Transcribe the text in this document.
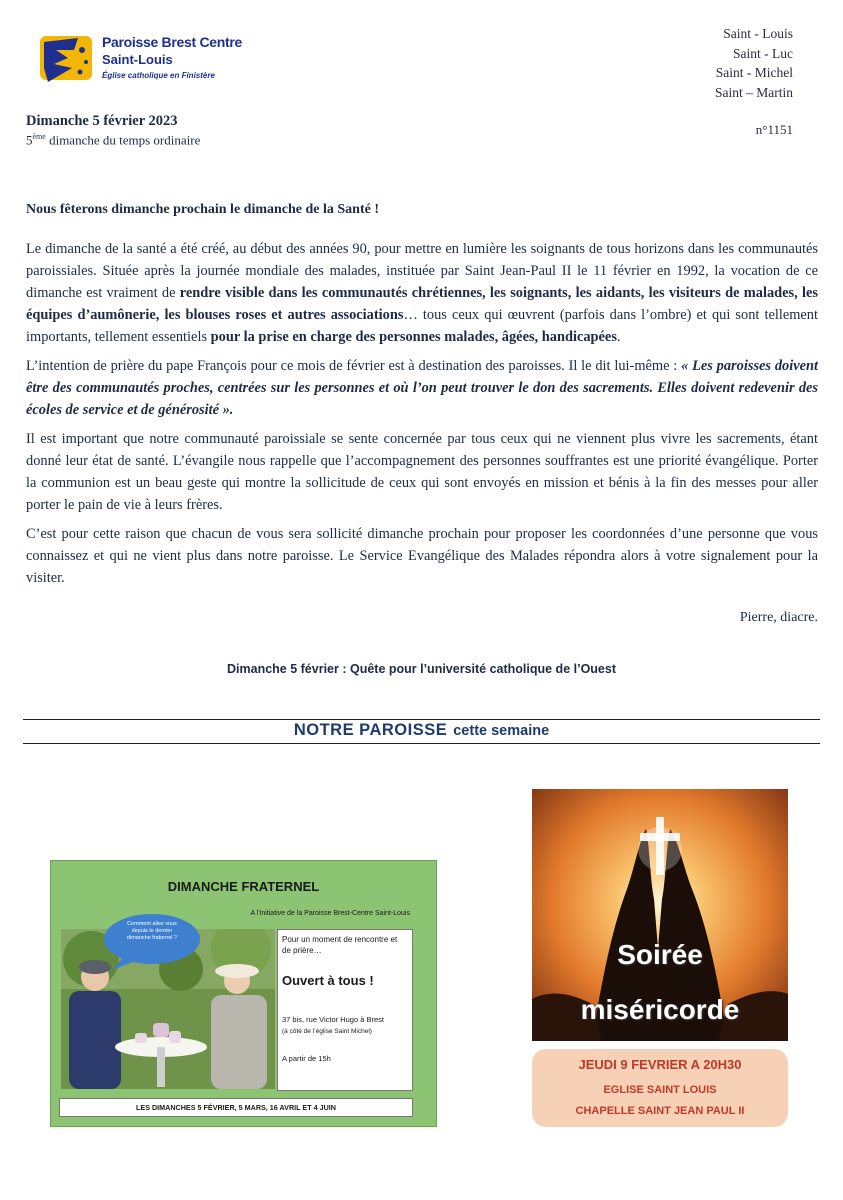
Paroisse Brest Centre
Saint-Louis
Église catholique en Finistère
Saint - Louis
Saint - Luc
Saint - Michel
Saint – Martin
Dimanche 5 février 2023
5ème dimanche du temps ordinaire
n°1151
Nous fêterons dimanche prochain le dimanche de la Santé !

Le dimanche de la santé a été créé, au début des années 90, pour mettre en lumière les soignants de tous horizons dans les communautés paroissiales. Située après la journée mondiale des malades, instituée par Saint Jean-Paul II le 11 février en 1992, la vocation de ce dimanche est vraiment de rendre visible dans les communautés chrétiennes, les soignants, les aidants, les visiteurs de malades, les équipes d’aumônerie, les blouses roses et autres associations… tous ceux qui œuvrent (parfois dans l’ombre) et qui sont tellement importants, tellement essentiels pour la prise en charge des personnes malades, âgées, handicapées.

L’intention de prière du pape François pour ce mois de février est à destination des paroisses. Il le dit lui-même : « Les paroisses doivent être des communautés proches, centrées sur les personnes et où l’on peut trouver le don des sacrements. Elles doivent redevenir des écoles de service et de générosité ».

Il est important que notre communauté paroissiale se sente concernée par tous ceux qui ne viennent plus vivre les sacrements, étant donné leur état de santé. L’évangile nous rappelle que l’accompagnement des personnes souffrantes est une priorité évangélique. Porter la communion est un beau geste qui montre la sollicitude de ceux qui sont envoyés en mission et bénis à la fin des messes pour aller porter le pain de vie à leurs frères.

C’est pour cette raison que chacun de vous sera sollicité dimanche prochain pour proposer les coordonnées d’une personne que vous connaissez et qui ne vient plus dans notre paroisse. Le Service Evangélique des Malades répondra alors à votre signalement pour la visiter.

Pierre, diacre.
Dimanche 5 février : Quête pour l’université catholique de l’Ouest
NOTRE PAROISSE cette semaine
DIMANCHE FRATERNEL
A l’initiative de la Paroisse Brest-Centre Saint-Louis
Comment allez vous depuis le dernier dimanche fraternel ?	Pour un moment de rencontre et de prière…
Ouvert à tous !
37 bis, rue Victor Hugo à Brest
(à côté de l’église Saint Michel)
A partir de 15h
LES DIMANCHES 5 FÉVRIER, 5 MARS, 16 AVRIL ET 4 JUIN
Soirée
miséricorde
JEUDI 9 FEVRIER A 20H30
EGLISE SAINT LOUIS
CHAPELLE SAINT JEAN PAUL II
